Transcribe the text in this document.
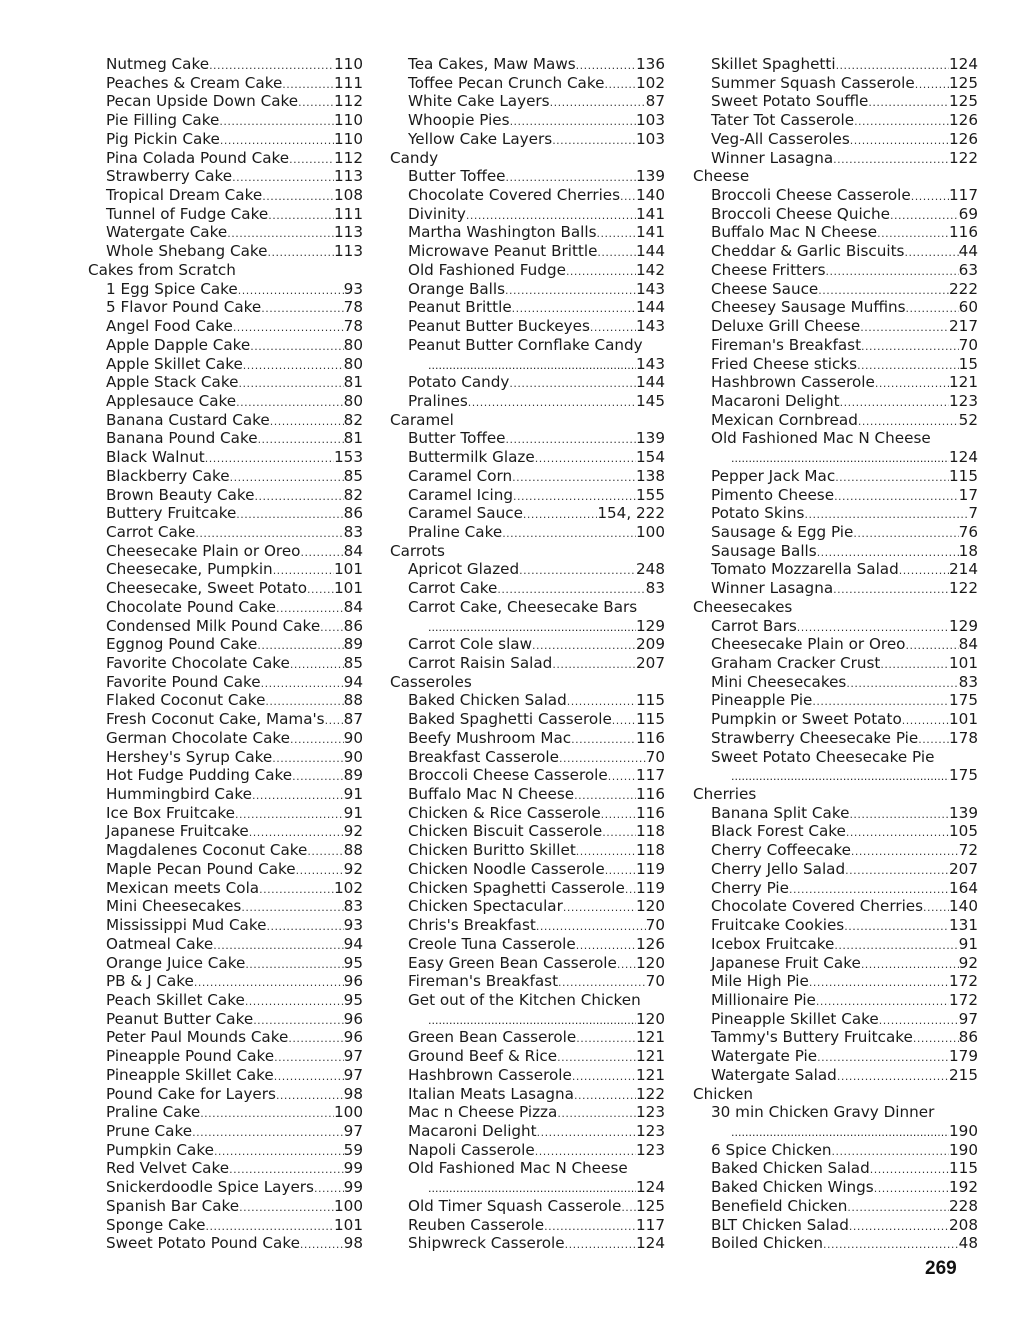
Nutmeg Cake .....	110
Peaches & Cream Cake .....	111
Pecan Upside Down Cake ..... 112
Pie Filling Cake .....	110
Pig Pickin Cake .....	110
Pina Colada Pound Cake .....	112
Strawberry Cake .....	113
Tropical Dream Cake .....	108
Tunnel of Fudge Cake .....	111
Watergate Cake .....	113
Whole Shebang Cake .....	113
Cakes from Scratch
1 Egg Spice Cake .....	93
5 Flavor Pound Cake .....	78
Angel Food Cake .....	78
Apple Dapple Cake .....	80
Apple Skillet Cake .....	80
Apple Stack Cake .....	81
Applesauce Cake .....	80
Banana Custard Cake .....	82
Banana Pound Cake .....	81
Black Walnut .....	153
Blackberry Cake .....	85
Brown Beauty Cake .....	82
Buttery Fruitcake .....	86
Carrot Cake .....	83
Cheesecake Plain or Oreo .....	84
Cheesecake, Pumpkin .....	101
Cheesecake, Sweet Potato ..... 101
Chocolate Pound Cake .....	84
Condensed Milk Pound Cake ..... 86
Eggnog Pound Cake .....	89
Favorite Chocolate Cake .....	85
Favorite Pound Cake .....	94
Flaked Coconut Cake .....	88
Fresh Coconut Cake, Mama's ..... 87
German Chocolate Cake .....	90
Hershey's Syrup Cake .....	90
Hot Fudge Pudding Cake .....	89
Hummingbird Cake .....	91
Ice Box Fruitcake .....	91
Japanese Fruitcake .....	92
Magdalenes Coconut Cake ..... 88
Maple Pecan Pound Cake .....	92
Mexican meets Cola .....	102
Mini Cheesecakes .....	83
Mississippi Mud Cake .....	93
Oatmeal Cake .....	94
Orange Juice Cake .....	95
PB & J Cake .....	96
Peach Skillet Cake .....	95
Peanut Butter Cake .....	96
Peter Paul Mounds Cake .....	96
Pineapple Pound Cake .....	97
Pineapple Skillet Cake .....	97
Pound Cake for Layers .....	98
Praline Cake .....	100
Prune Cake .....	97
Pumpkin Cake .....	59
Red Velvet Cake .....	99
Snickerdoodle Spice Layers ..... 99
Spanish Bar Cake .....	100
Sponge Cake .....	101
Sweet Potato Pound Cake .....	98
Tea Cakes, Maw Maws .....	136
Toffee Pecan Crunch Cake ..... 102
White Cake Layers .....	87
Whoopie Pies .....	103
Yellow Cake Layers .....	103
Candy
Butter Toffee .....	139
Chocolate Covered Cherries ..... 140
Divinity .....	141
Martha Washington Balls .....	141
Microwave Peanut Brittle .....	144
Old Fashioned Fudge .....	142
Orange Balls .....	143
Peanut Brittle .....	144
Peanut Butter Buckeyes .....	143
Peanut Butter Cornflake Candy
.....
143
Potato Candy .....	144
Pralines .....	145
Caramel
Butter Toffee .....	139
Buttermilk Glaze .....	154
Caramel Corn .....	138
Caramel Icing .....	155
Caramel Sauce .....	154, 222
Praline Cake .....	100
Carrots
Apricot Glazed .....	248
Carrot Cake .....	83
Carrot Cake, Cheesecake Bars
.....
129
Carrot Cole slaw .....	209
Carrot Raisin Salad .....	207
Casseroles
Baked Chicken Salad .....	115
Baked Spaghetti Casserole ..... 115
Beefy Mushroom Mac .....	116
Breakfast Casserole .....	70
Broccoli Cheese Casserole ..... 117
Buffalo Mac N Cheese .....	116
Chicken & Rice Casserole ..... 116
Chicken Biscuit Casserole ..... 118
Chicken Buritto Skillet .....	118
Chicken Noodle Casserole ..... 119
Chicken Spaghetti Casserole ..... 119
Chicken Spectacular .....	120
Chris's Breakfast .....	70
Creole Tuna Casserole .....	126
Easy Green Bean Casserole ..... 120
Fireman's Breakfast .....	70
Get out of the Kitchen Chicken
.....
120
Green Bean Casserole .....	121
Ground Beef & Rice .....	121
Hashbrown Casserole .....	121
Italian Meats Lasagna .....	122
Mac n Cheese Pizza .....	123
Macaroni Delight .....	123
Napoli Casserole .....	123
Old Fashioned Mac N Cheese
.....
124
Old Timer Squash Casserole ..... 125
Reuben Casserole .....	117
Shipwreck Casserole .....	124
Skillet Spaghetti .....	124
Summer Squash Casserole ..... 125
Sweet Potato Souffle .....	125
Tater Tot Casserole .....	126
Veg-All Casseroles .....	126
Winner Lasagna .....	122
Cheese
Broccoli Cheese Casserole .....	117
Broccoli Cheese Quiche .....	69
Buffalo Mac N Cheese .....	116
Cheddar & Garlic Biscuits .....	44
Cheese Fritters .....	63
Cheese Sauce .....	222
Cheesey Sausage Muffins .....	60
Deluxe Grill Cheese .....	217
Fireman's Breakfast .....	70
Fried Cheese sticks .....	15
Hashbrown Casserole .....	121
Macaroni Delight .....	123
Mexican Cornbread .....	52
Old Fashioned Mac N Cheese
.....
124
Pepper Jack Mac .....	115
Pimento Cheese .....	17
Potato Skins .....	7
Sausage & Egg Pie .....	76
Sausage Balls .....	18
Tomato Mozzarella Salad .....	214
Winner Lasagna .....	122
Cheesecakes
Carrot Bars .....	129
Cheesecake Plain or Oreo .....	84
Graham Cracker Crust .....	101
Mini Cheesecakes .....	83
Pineapple Pie .....	175
Pumpkin or Sweet Potato .....	101
Strawberry Cheesecake Pie ..... 178
Sweet Potato Cheesecake Pie
.....
175
Cherries
Banana Split Cake .....	139
Black Forest Cake .....	105
Cherry Coffeecake .....	72
Cherry Jello Salad .....	207
Cherry Pie .....	164
Chocolate Covered Cherries ..... 140
Fruitcake Cookies .....	131
Icebox Fruitcake .....	91
Japanese Fruit Cake .....	92
Mile High Pie .....	172
Millionaire Pie .....	172
Pineapple Skillet Cake .....	97
Tammy's Buttery Fruitcake .....	86
Watergate Pie .....	179
Watergate Salad .....	215
Chicken
30 min Chicken Gravy Dinner
.....
190
6 Spice Chicken .....	190
Baked Chicken Salad .....	115
Baked Chicken Wings .....	192
Benefield Chicken .....	228
BLT Chicken Salad .....	208
Boiled Chicken .....	48
269
